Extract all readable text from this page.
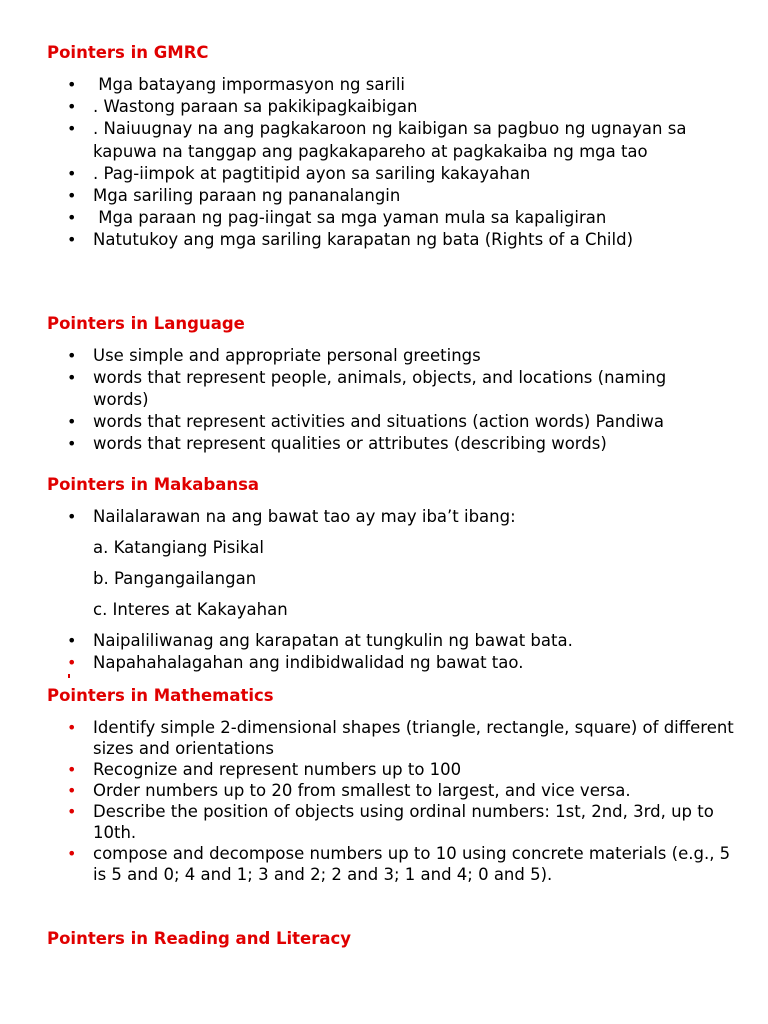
Pointers in GMRC
• Mga batayang impormasyon ng sarili
• . Wastong paraan sa pakikipagkaibigan
• . Naiuugnay na ang pagkakaroon ng kaibigan sa pagbuo ng ugnayan sa kapuwa na tanggap ang pagkakapareho at pagkakaiba ng mga tao
• . Pag-iimpok at pagtitipid ayon sa sariling kakayahan
• Mga sariling paraan ng pananalangin
• Mga paraan ng pag-iingat sa mga yaman mula sa kapaligiran
• Natutukoy ang mga sariling karapatan ng bata (Rights of a Child)
Pointers in Language
• Use simple and appropriate personal greetings
• words that represent people, animals, objects, and locations (naming words)
• words that represent activities and situations (action words) Pandiwa
• words that represent qualities or attributes (describing words)
Pointers in Makabansa
• Nailalarawan na ang bawat tao ay may iba’t ibang:

a. Katangiang Pisikal

b. Pangangailangan

c. Interes at Kakayahan

• Naipaliliwanag ang karapatan at tungkulin ng bawat bata.
• Napahahalagahan ang indibidwalidad ng bawat tao.
Pointers in Mathematics
• Identify simple 2-dimensional shapes (triangle, rectangle, square) of different sizes and orientations
• Recognize and represent numbers up to 100
• Order numbers up to 20 from smallest to largest, and vice versa.
• Describe the position of objects using ordinal numbers: 1st, 2nd, 3rd, up to 10th.
• compose and decompose numbers up to 10 using concrete materials (e.g., 5 is 5 and 0; 4 and 1; 3 and 2; 2 and 3; 1 and 4; 0 and 5).
Pointers in Reading and Literacy
